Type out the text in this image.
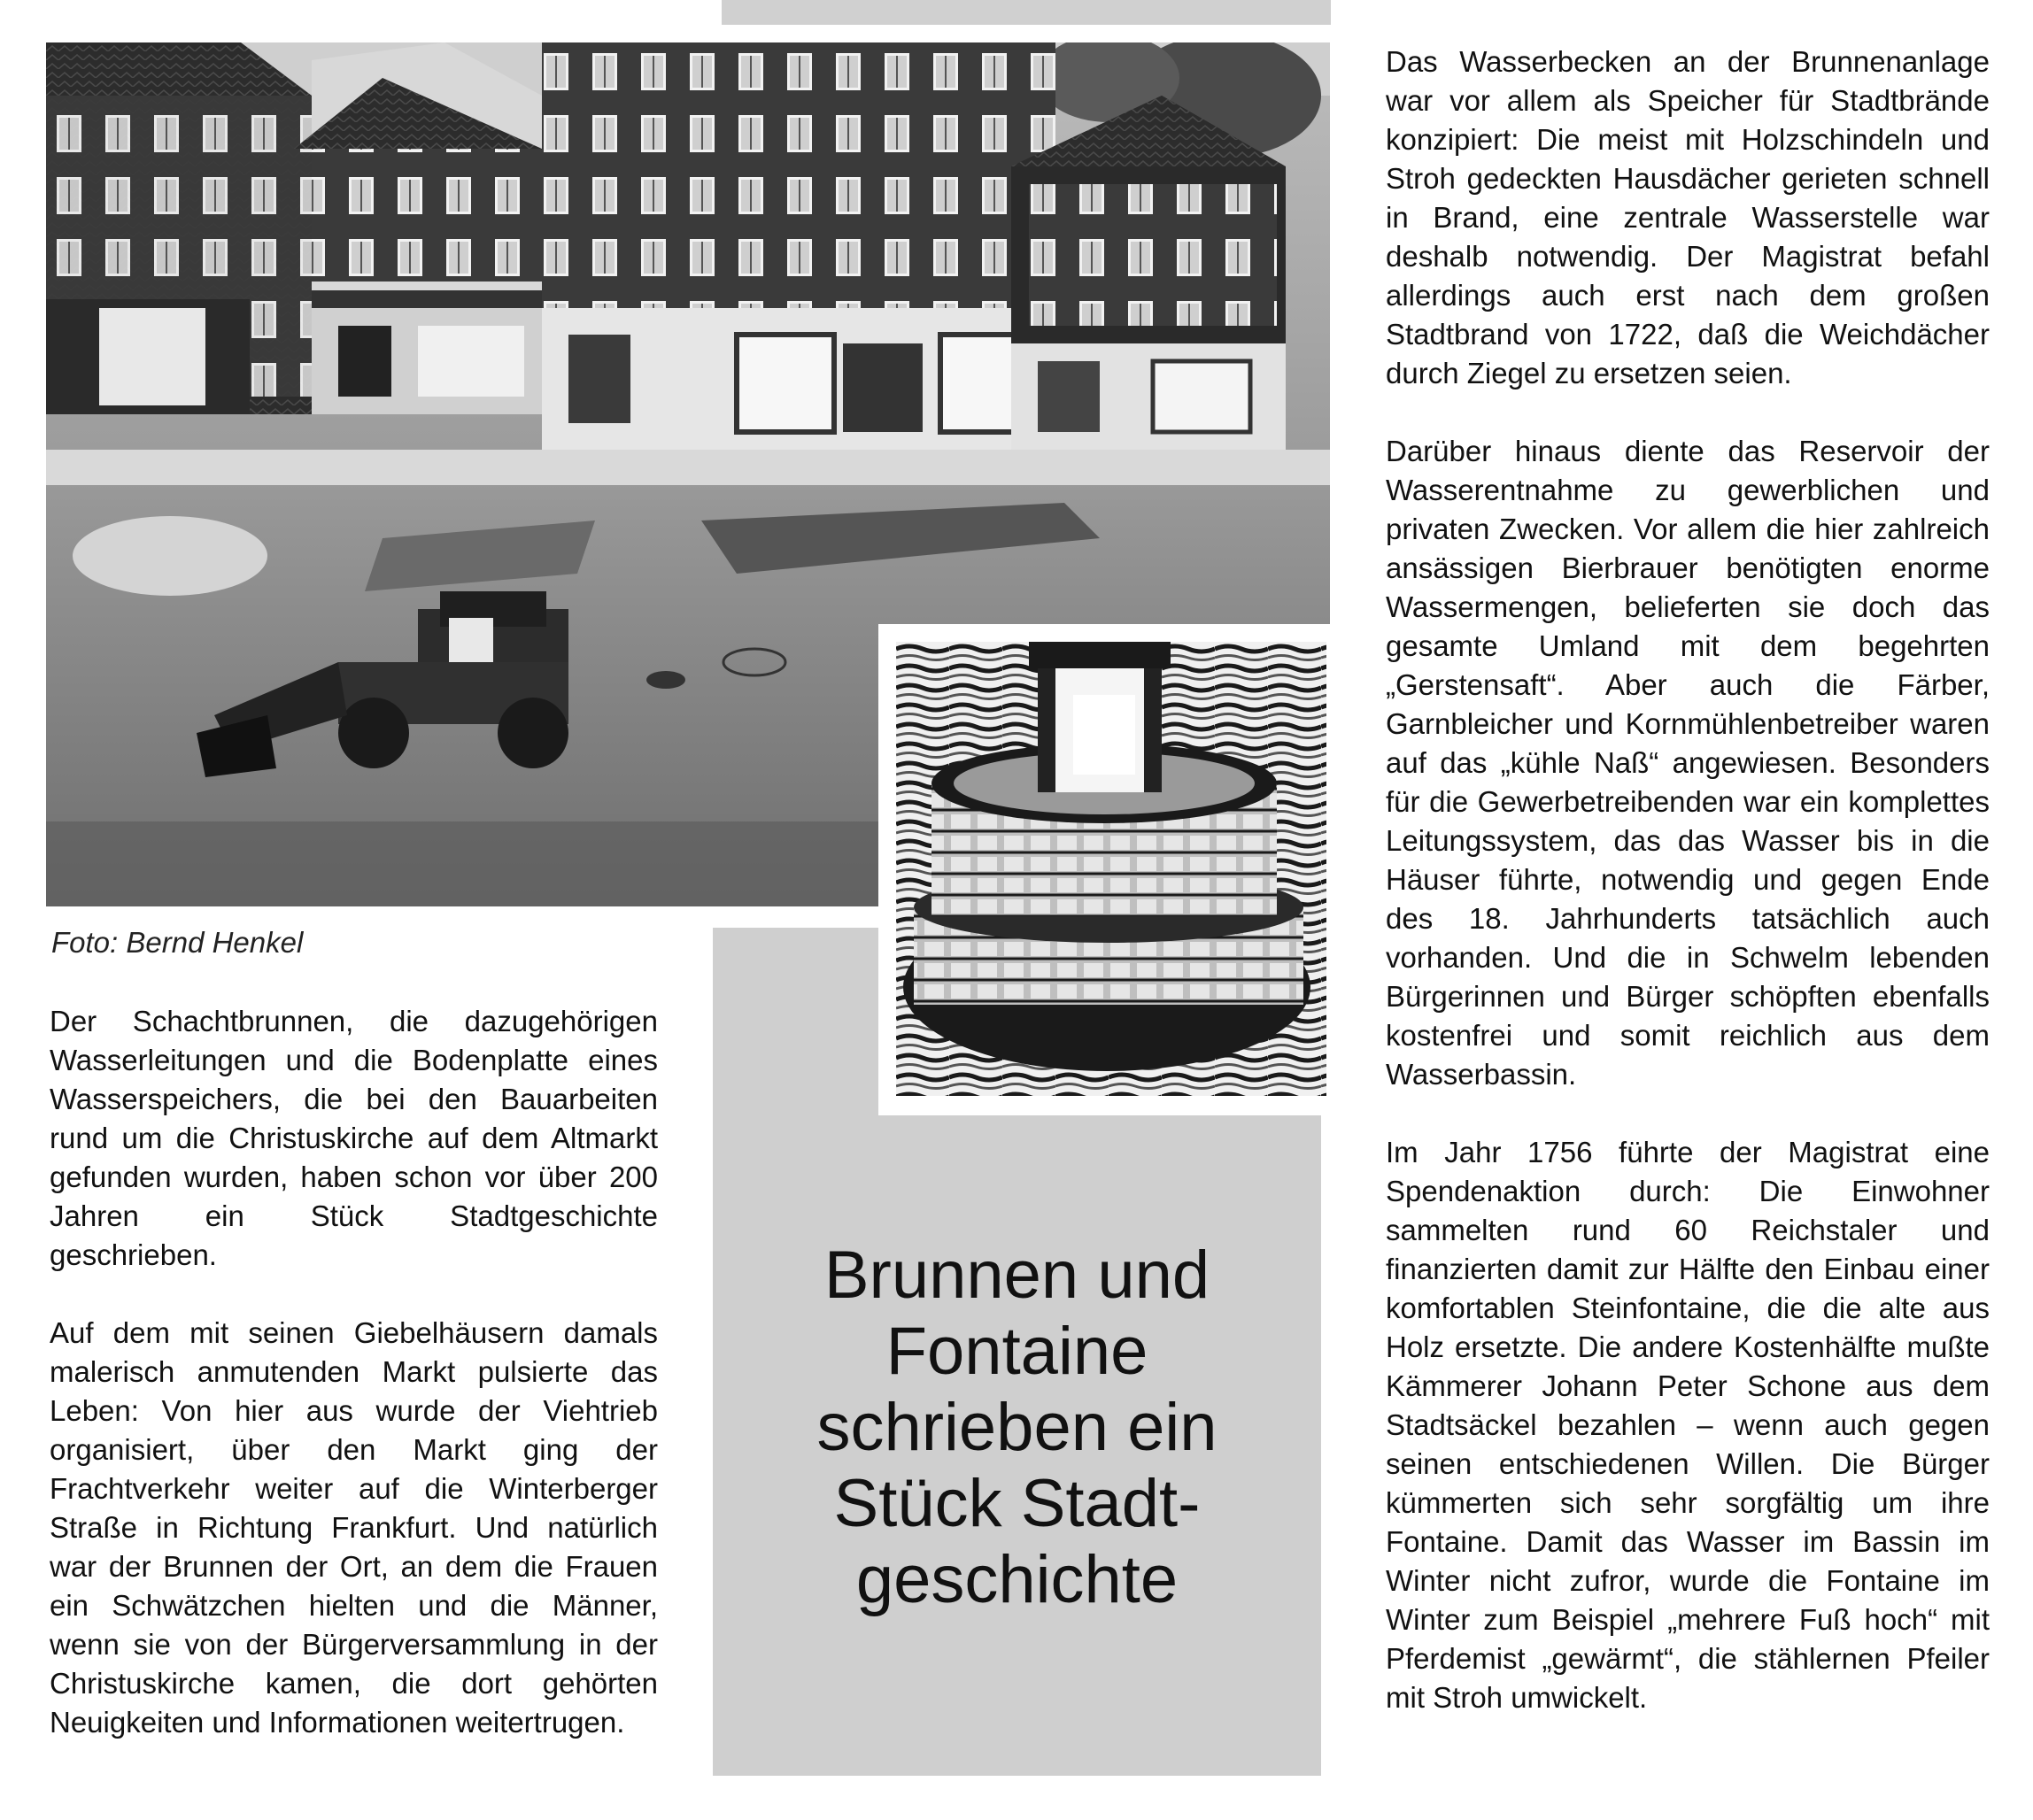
Foto: Bernd Henkel

Der Schachtbrunnen, die dazugehörigen Wasserleitungen und die Bodenplatte eines Wasserspeichers, die bei den Bauarbeiten rund um die Christuskirche auf dem Altmarkt gefunden wurden, haben schon vor über 200 Jahren ein Stück Stadtgeschichte geschrieben.

Auf dem mit seinen Giebelhäusern damals malerisch anmutenden Markt pulsierte das Leben: Von hier aus wurde der Viehtrieb organisiert, über den Markt ging der Frachtverkehr weiter auf die Winterberger Straße in Richtung Frankfurt. Und natürlich war der Brunnen der Ort, an dem die Frauen ein Schwätzchen hielten und die Männer, wenn sie von der Bürgerversammlung in der Christuskirche kamen, die dort gehörten Neuigkeiten und Informationen weitertrugen.

Brunnen und
Fontaine
schrieben ein
Stück Stadt-
geschichte

Das Wasserbecken an der Brunnenanlage war vor allem als Speicher für Stadtbrände konzipiert: Die meist mit Holzschindeln und Stroh gedeckten Hausdächer gerieten schnell in Brand, eine zentrale Wasserstelle war deshalb notwendig. Der Magistrat befahl allerdings auch erst nach dem großen Stadtbrand von 1722, daß die Weichdächer durch Ziegel zu ersetzen seien.

Darüber hinaus diente das Reservoir der Wasserentnahme zu gewerblichen und privaten Zwecken. Vor allem die hier zahlreich ansässigen Bierbrauer benötigten enorme Wassermengen, belieferten sie doch das gesamte Umland mit dem begehrten „Gerstensaft“. Aber auch die Färber, Garnbleicher und Kornmühlenbetreiber waren auf das „kühle Naß“ angewiesen. Besonders für die Gewerbetreibenden war ein komplettes Leitungssystem, das das Wasser bis in die Häuser führte, notwendig und gegen Ende des 18. Jahrhunderts tatsächlich auch vorhanden. Und die in Schwelm lebenden Bürgerinnen und Bürger schöpften ebenfalls kostenfrei und somit reichlich aus dem Wasserbassin.

Im Jahr 1756 führte der Magistrat eine Spendenaktion durch: Die Einwohner sammelten rund 60 Reichstaler und finanzierten damit zur Hälfte den Einbau einer komfortablen Steinfontaine, die die alte aus Holz ersetzte. Die andere Kostenhälfte mußte Kämmerer Johann Peter Schone aus dem Stadtsäckel bezahlen – wenn auch gegen seinen entschiedenen Willen. Die Bürger kümmerten sich sehr sorgfältig um ihre Fontaine. Damit das Wasser im Bassin im Winter nicht zufror, wurde die Fontaine im Winter zum Beispiel „mehrere Fuß hoch“ mit Pferdemist „gewärmt“, die stählernen Pfeiler mit Stroh umwickelt.
